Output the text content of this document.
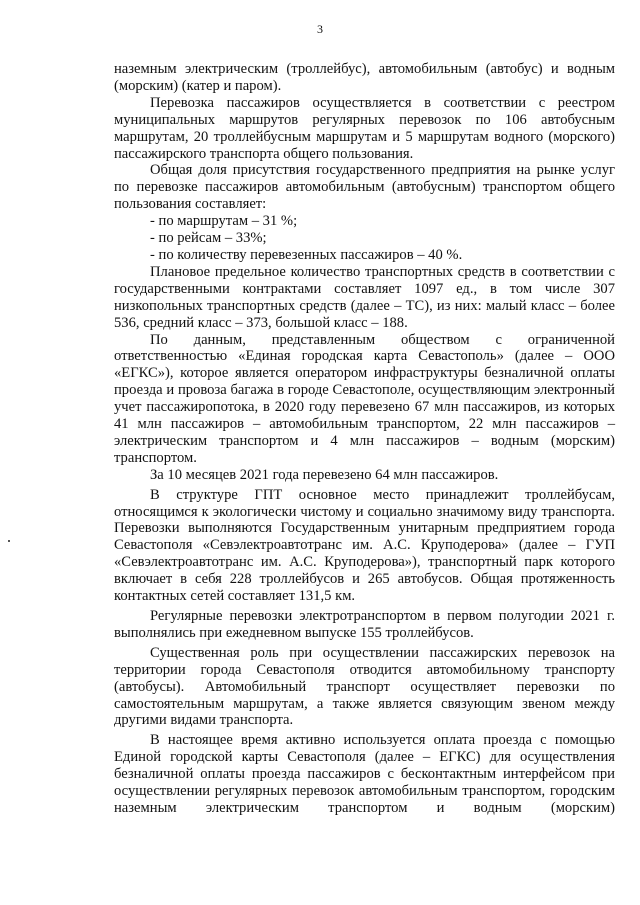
3

наземным электрическим (троллейбус), автомобильным (автобус) и водным (морским) (катер и паром).

Перевозка пассажиров осуществляется в соответствии с реестром муниципальных маршрутов регулярных перевозок по 106 автобусным маршрутам, 20 троллейбусным маршрутам и 5 маршрутам водного (морского) пассажирского транспорта общего пользования.

Общая доля присутствия государственного предприятия на рынке услуг по перевозке пассажиров автомобильным (автобусным) транспортом общего пользования составляет:

- по маршрутам – 31 %;

- по рейсам – 33%;

- по количеству перевезенных пассажиров – 40 %.

Плановое предельное количество транспортных средств в соответствии с государственными контрактами составляет 1097 ед., в том числе 307 низкопольных транспортных средств (далее – ТС), из них: малый класс – более 536, средний класс – 373, большой класс – 188.

По данным, представленным обществом с ограниченной ответственностью «Единая городская карта Севастополь» (далее – ООО «ЕГКС»), которое является оператором инфраструктуры безналичной оплаты проезда и провоза багажа в городе Севастополе, осуществляющим электронный учет пассажиропотока, в 2020 году перевезено 67 млн пассажиров, из которых 41 млн пассажиров – автомобильным транспортом, 22 млн пассажиров – электрическим транспортом и 4 млн пассажиров – водным (морским) транспортом.

За 10 месяцев 2021 года перевезено 64 млн пассажиров.

В структуре ГПТ основное место принадлежит троллейбусам, относящимся к экологически чистому и социально значимому виду транспорта. Перевозки выполняются Государственным унитарным предприятием города Севастополя «Севэлектроавтотранс им. А.С. Круподерова» (далее – ГУП «Севэлектроавтотранс им. А.С. Круподерова»), транспортный парк которого включает в себя 228 троллейбусов и 265 автобусов. Общая протяженность контактных сетей составляет 131,5 км.

Регулярные перевозки электротранспортом в первом полугодии 2021 г. выполнялись при ежедневном выпуске 155 троллейбусов.

Существенная роль при осуществлении пассажирских перевозок на территории города Севастополя отводится автомобильному транспорту (автобусы). Автомобильный транспорт осуществляет перевозки по самостоятельным маршрутам, а также является связующим звеном между другими видами транспорта.

В настоящее время активно используется оплата проезда с помощью Единой городской карты Севастополя (далее – ЕГКС) для осуществления безналичной оплаты проезда пассажиров с бесконтактным интерфейсом при осуществлении регулярных перевозок автомобильным транспортом, городским наземным электрическим транспортом и водным (морским)
